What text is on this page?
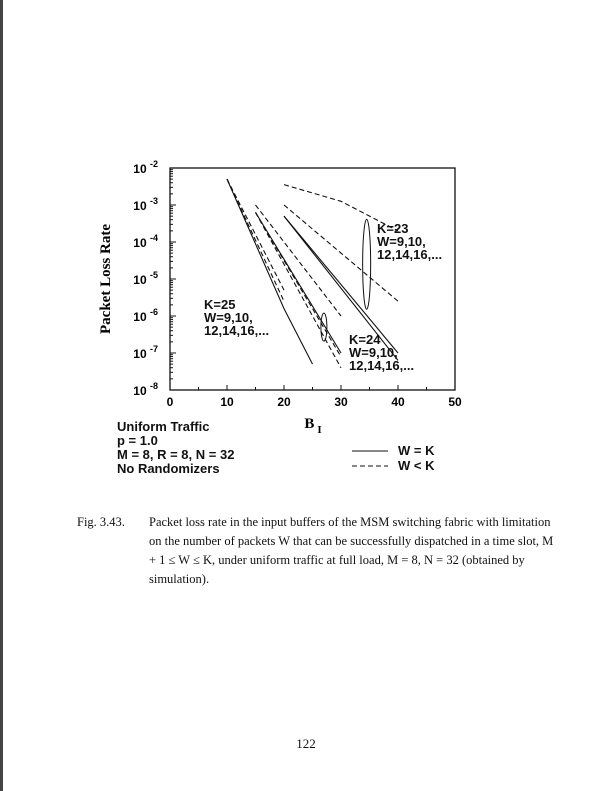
0	10	20	30	40	50
10 $^{-2}$
10 $^{-3}$
10 $^{-4}$
10 $^{-5}$
10 $^{-6}$
10 $^{-7}$
10 $^{-8}$
Packet Loss Rate
B $_I$
K=25
W=9,10,
12,14,16,...
K=24
W=9,10,
12,14,16,...
K=23
W=9,10,
12,14,16,...
Uniform Traffic
p = 1.0
M = 8, R = 8, N = 32
No Randomizers
W = K
W < K
Fig. 3.43. Packet loss rate in the input buffers of the MSM switching fabric with limitation on the number of packets W that can be successfully dispatched in a time slot, M + 1 ≤ W ≤ K, under uniform traffic at full load, M = 8, N = 32 (obtained by simulation).
122
